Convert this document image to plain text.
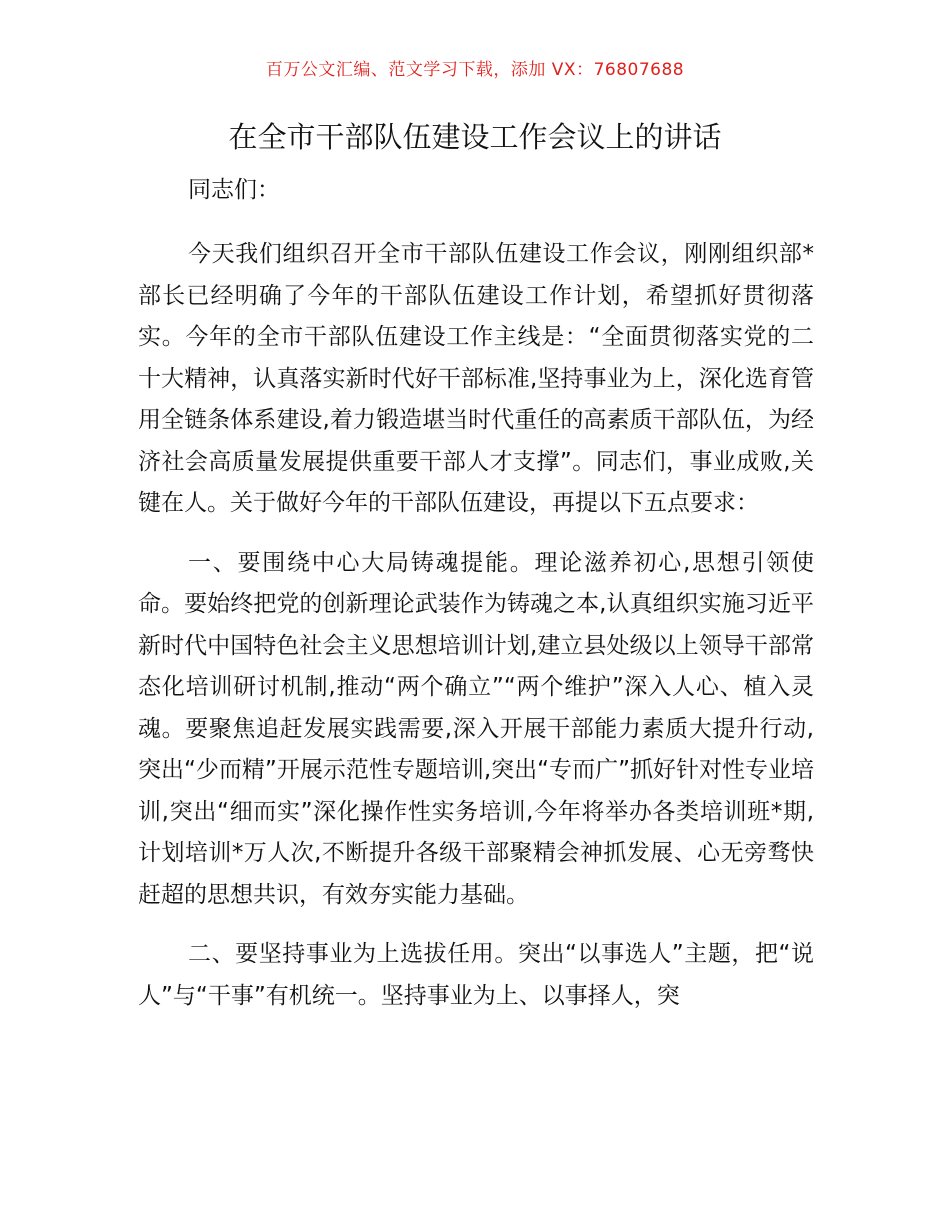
百万公文汇编、范文学习下载，添加 VX：76807688
在全市干部队伍建设工作会议上的讲话

同志们：

今天我们组织召开全市干部队伍建设工作会议，刚刚组织部*部长已经明确了今年的干部队伍建设工作计划，希望抓好贯彻落实。今年的全市干部队伍建设工作主线是：“全面贯彻落实党的二十大精神，认真落实新时代好干部标准,坚持事业为上，深化选育管用全链条体系建设,着力锻造堪当时代重任的高素质干部队伍，为经济社会高质量发展提供重要干部人才支撑”。同志们，事业成败,关键在人。关于做好今年的干部队伍建设，再提以下五点要求：

一、要围绕中心大局铸魂提能。理论滋养初心,思想引领使命。要始终把党的创新理论武装作为铸魂之本,认真组织实施习近平新时代中国特色社会主义思想培训计划,建立县处级以上领导干部常态化培训研讨机制,推动“两个确立”“两个维护”深入人心、植入灵魂。要聚焦追赶发展实践需要,深入开展干部能力素质大提升行动,突出“少而精”开展示范性专题培训,突出“专而广”抓好针对性专业培训,突出“细而实”深化操作性实务培训,今年将举办各类培训班*期,计划培训*万人次,不断提升各级干部聚精会神抓发展、心无旁骛快赶超的思想共识，有效夯实能力基础。

二、要坚持事业为上选拔任用。突出“以事选人”主题，把“说人”与“干事”有机统一。坚持事业为上、以事择人，突
